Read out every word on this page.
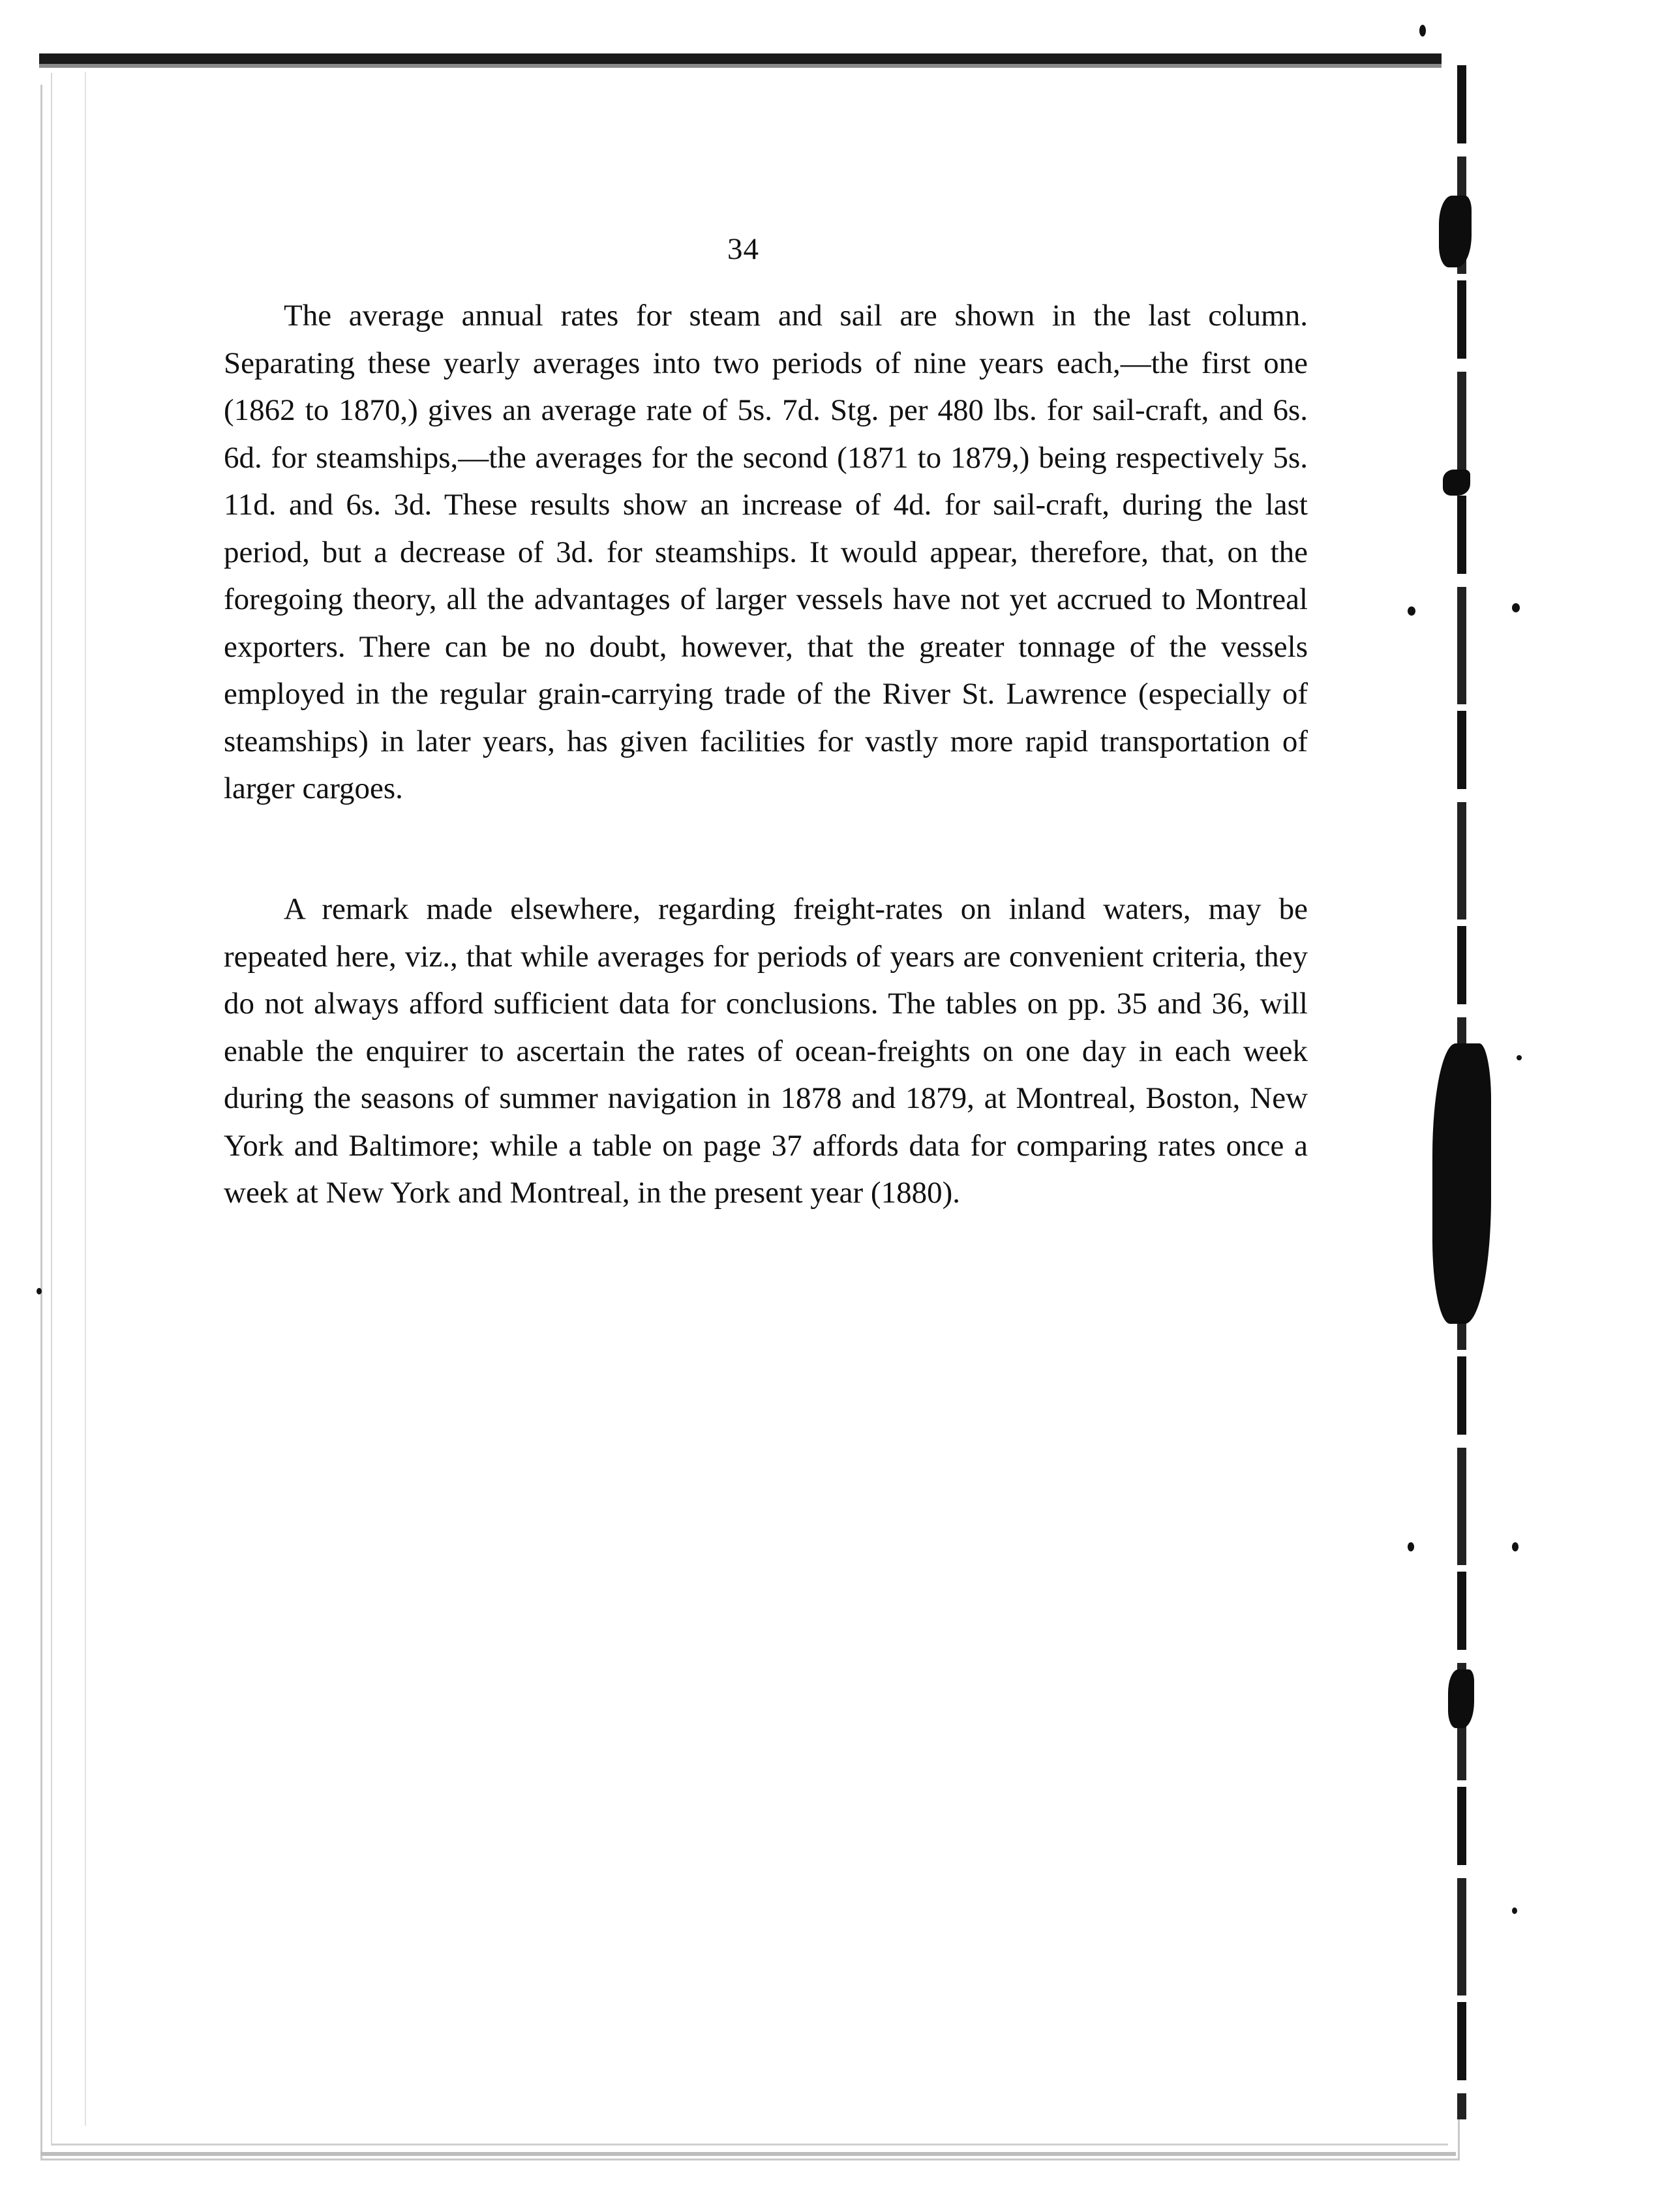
34

The average annual rates for steam and sail are shown in the last column. Separating these yearly averages into two periods of nine years each,—the first one (1862 to 1870,) gives an average rate of 5s. 7d. Stg. per 480 lbs. for sail-craft, and 6s. 6d. for steamships,—the averages for the second (1871 to 1879,) being respectively 5s. 11d. and 6s. 3d. These results show an increase of 4d. for sail-craft, during the last period, but a decrease of 3d. for steamships. It would appear, therefore, that, on the foregoing theory, all the advantages of larger vessels have not yet accrued to Montreal exporters. There can be no doubt, however, that the greater tonnage of the vessels employed in the regular grain-carrying trade of the River St. Lawrence (especially of steamships) in later years, has given facilities for vastly more rapid transportation of larger cargoes.

A remark made elsewhere, regarding freight-rates on inland waters, may be repeated here, viz., that while averages for periods of years are convenient criteria, they do not always afford sufficient data for conclusions. The tables on pp. 35 and 36, will enable the enquirer to ascertain the rates of ocean-freights on one day in each week during the seasons of summer navigation in 1878 and 1879, at Montreal, Boston, New York and Baltimore; while a table on page 37 affords data for comparing rates once a week at New York and Montreal, in the present year (1880).
